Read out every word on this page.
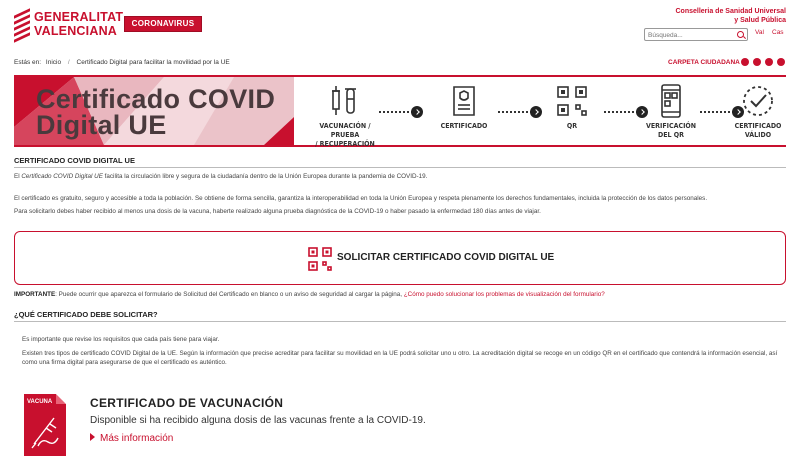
GENERALITAT
VALENCIANA
CORONAVIRUS
Conselleria de Sanidad Universal
y Salud Pública
Búsqueda...
Val Cas
Estás en: Inicio / Certificado Digital para facilitar la movilidad por la UE	CARPETA CIUDADANA
Certificado COVID
Digital UE	VACUNACIÓN / PRUEBA
/ RECUPERACIÓN
CERTIFICADO	QR	VERIFICACIÓN
DEL QR
CERTIFICADO
VÁLIDO
CERTIFICADO COVID DIGITAL UE
El Certificado COVID Digital UE facilita la circulación libre y segura de la ciudadanía dentro de la Unión Europea durante la pandemia de COVID-19.
El certificado es gratuito, seguro y accesible a toda la población. Se obtiene de forma sencilla, garantiza la interoperabilidad en toda la Unión Europea y respeta plenamente los derechos fundamentales, incluida la protección de los datos personales.
Para solicitarlo debes haber recibido al menos una dosis de la vacuna, haberte realizado alguna prueba diagnóstica de la COVID-19 o haber pasado la enfermedad 180 días antes de viajar.
SOLICITAR CERTIFICADO COVID DIGITAL UE
IMPORTANTE: Puede ocurrir que aparezca el formulario de Solicitud del Certificado en blanco o un aviso de seguridad al cargar la página, ¿Cómo puedo solucionar los problemas de visualización del formulario?
¿QUÉ CERTIFICADO DEBE SOLICITAR?
Es importante que revise los requisitos que cada país tiene para viajar.
Existen tres tipos de certificado COVID Digital de la UE. Según la información que precise acreditar para facilitar su movilidad en la UE podrá solicitar uno u otro. La acreditación digital se recoge en un código QR en el certificado que contendrá la información esencial, así como una firma digital para asegurarse de que el certificado es auténtico.
VACUNA	CERTIFICADO DE VACUNACIÓN
Disponible si ha recibido alguna dosis de las vacunas frente a la COVID-19.
Más información
